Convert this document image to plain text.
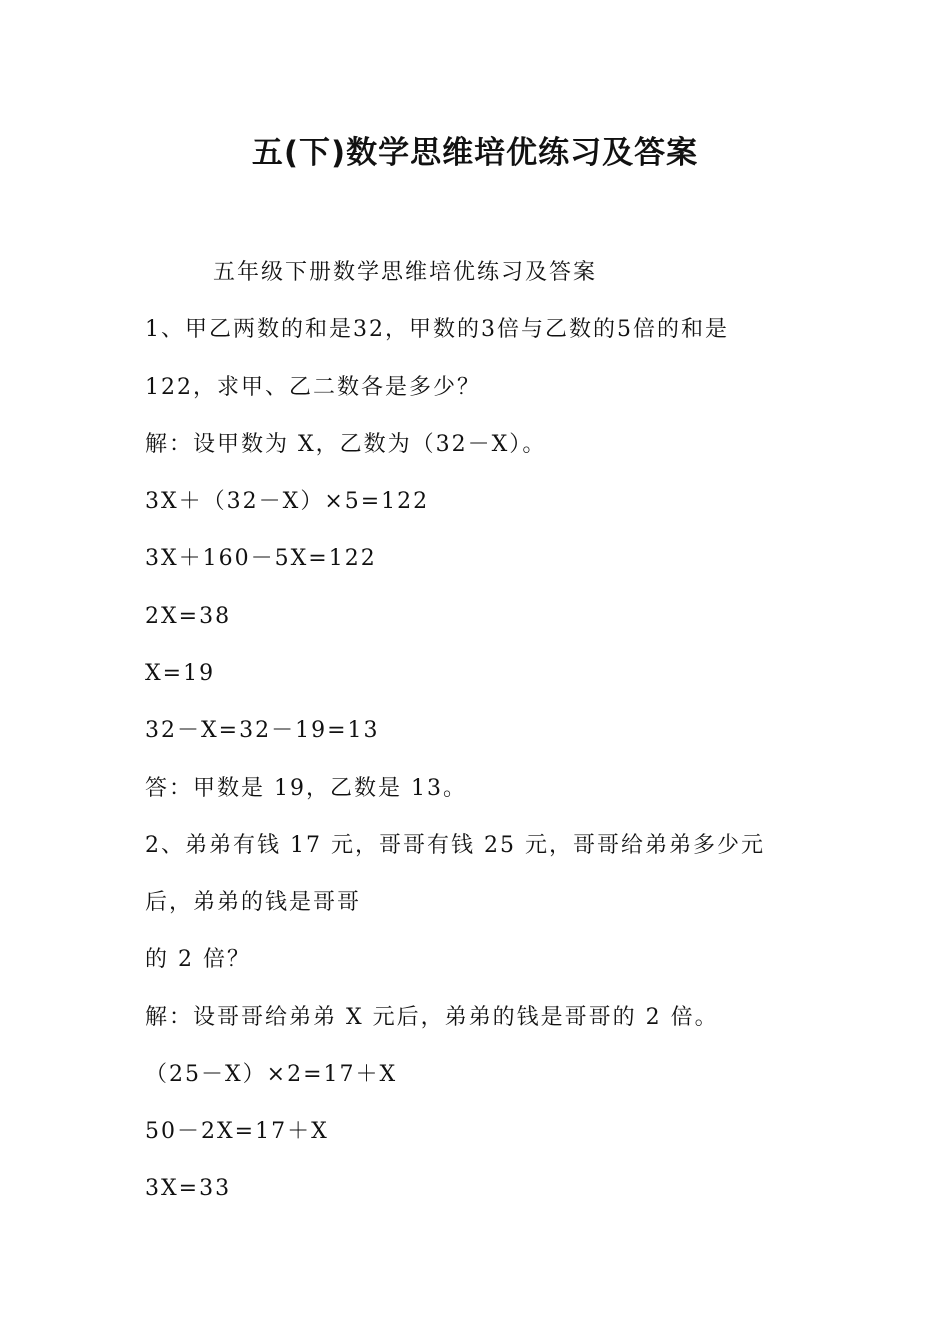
五(下)数学思维培优练习及答案
五年级下册数学思维培优练习及答案
1、甲乙两数的和是32，甲数的3倍与乙数的5倍的和是
122，求甲、乙二数各是多少？
解：设甲数为 X，乙数为（32－X）。
3X＋（32－X）×5=122
3X＋160－5X=122
2X=38
X=19
32－X=32－19=13
答：甲数是 19，乙数是 13。
2、弟弟有钱 17 元，哥哥有钱 25 元，哥哥给弟弟多少元
后，弟弟的钱是哥哥
的 2 倍？
解：设哥哥给弟弟 X 元后，弟弟的钱是哥哥的 2 倍。
（25－X）×2=17＋X
50－2X=17＋X
3X=33
